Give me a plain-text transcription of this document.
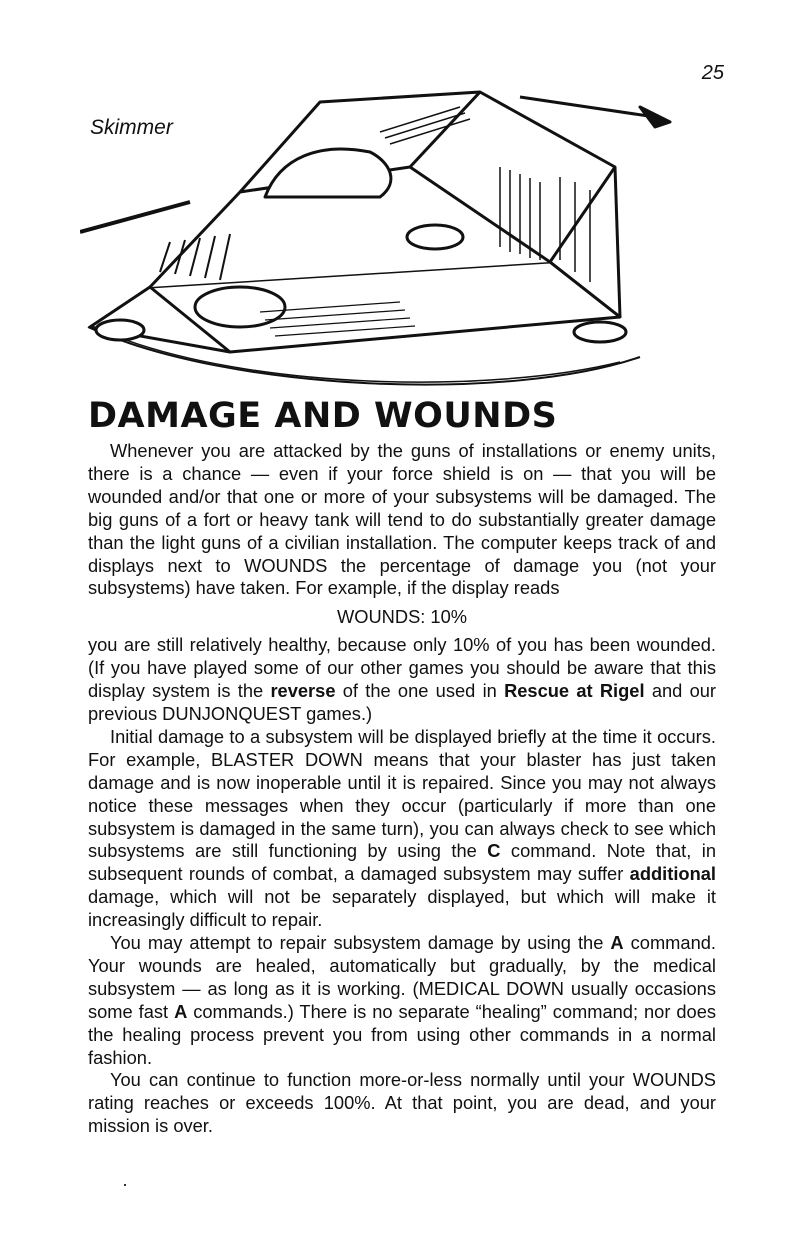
25
Skimmer
DAMAGE AND WOUNDS

Whenever you are attacked by the guns of installations or enemy units, there is a chance — even if your force shield is on — that you will be wounded and/or that one or more of your subsystems will be damaged. The big guns of a fort or heavy tank will tend to do substantially greater damage than the light guns of a civilian installation. The computer keeps track of and displays next to WOUNDS the percentage of damage you (not your subsystems) have taken. For example, if the display reads

WOUNDS: 10%

you are still relatively healthy, because only 10% of you has been wounded. (If you have played some of our other games you should be aware that this display system is the reverse of the one used in Rescue at Rigel and our previous DUNJONQUEST games.)

Initial damage to a subsystem will be displayed briefly at the time it occurs. For example, BLASTER DOWN means that your blaster has just taken damage and is now inoperable until it is repaired. Since you may not always notice these messages when they occur (particularly if more than one subsystem is damaged in the same turn), you can always check to see which subsystems are still functioning by using the C command. Note that, in subsequent rounds of combat, a damaged subsystem may suffer additional damage, which will not be separately displayed, but which will make it increasingly difficult to repair.

You may attempt to repair subsystem damage by using the A command. Your wounds are healed, automatically but gradually, by the medical subsystem — as long as it is working. (MEDICAL DOWN usually occasions some fast A commands.) There is no separate “healing” command; nor does the healing process prevent you from using other commands in a normal fashion.

You can continue to function more-or-less normally until your WOUNDS rating reaches or exceeds 100%. At that point, you are dead, and your mission is over.
